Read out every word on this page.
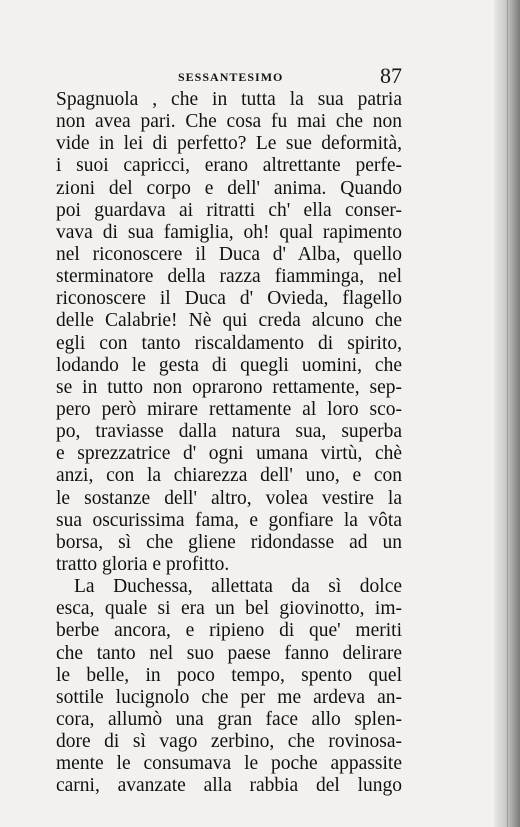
SESSANTESIMO	87
Spagnuola , che in tutta la sua patria
non avea pari. Che cosa fu mai che non
vide in lei di perfetto? Le sue deformità,
i suoi capricci, erano altrettante perfe-
zioni del corpo e dell' anima. Quando
poi guardava ai ritratti ch' ella conser-
vava di sua famiglia, oh! qual rapimento
nel riconoscere il Duca d' Alba, quello
sterminatore della razza fiamminga, nel
riconoscere il Duca d' Ovieda, flagello
delle Calabrie! Nè qui creda alcuno che
egli con tanto riscaldamento di spirito,
lodando le gesta di quegli uomini, che
se in tutto non oprarono rettamente, sep-
pero però mirare rettamente al loro sco-
po, traviasse dalla natura sua, superba
e sprezzatrice d' ogni umana virtù, chè
anzi, con la chiarezza dell' uno, e con
le sostanze dell' altro, volea vestire la
sua oscurissima fama, e gonfiare la vôta
borsa, sì che gliene ridondasse ad un
tratto gloria e profitto.
La Duchessa, allettata da sì dolce
esca, quale si era un bel giovinotto, im-
berbe ancora, e ripieno di que' meriti
che tanto nel suo paese fanno delirare
le belle, in poco tempo, spento quel
sottile lucignolo che per me ardeva an-
cora, allumò una gran face allo splen-
dore di sì vago zerbino, che rovinosa-
mente le consumava le poche appassite
carni, avanzate alla rabbia del lungo
